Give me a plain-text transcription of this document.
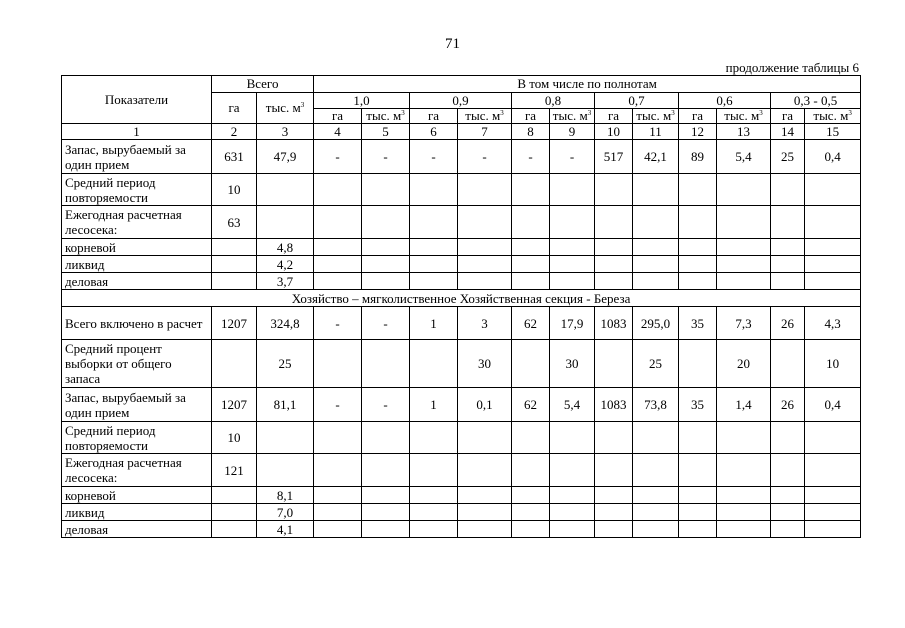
71
продолжение таблицы 6
Показатели	Всего		В том числе по полнотам											
	га	тыс. $м^3$	1,0		0,9		0,8		0,7		0,6		0,3 - 0,5	
			га	тыс. $м^3$	га	тыс. $м^3$	га	тыс. $м^3$	га	тыс. $м^3$	га	тыс. $м^3$	га	тыс. $м^3$
1	2	3	4	5	6	7	8	9	10	11	12	13	14	15
Запас, вырубаемый за один прием	631	47,9	-	-	-	-	-	-	517	42,1	89	5,4	25	0,4
Средний период повторяемости	10													
Ежегодная расчетная лесосека:	63													
корневой		4,8												
ликвид		4,2												
деловая		3,7												
Хозяйство – мягколиственное Хозяйственная секция - Береза														
Всего включено в расчет	1207	324,8	-	-	1	3	62	17,9	1083	295,0	35	7,3	26	4,3
Средний процент выборки от общего запаса		25				30		30		25		20		10
Запас, вырубаемый за один прием	1207	81,1	-	-	1	0,1	62	5,4	1083	73,8	35	1,4	26	0,4
Средний период повторяемости	10													
Ежегодная расчетная лесосека:	121													
корневой		8,1												
ликвид		7,0												
деловая		4,1												
